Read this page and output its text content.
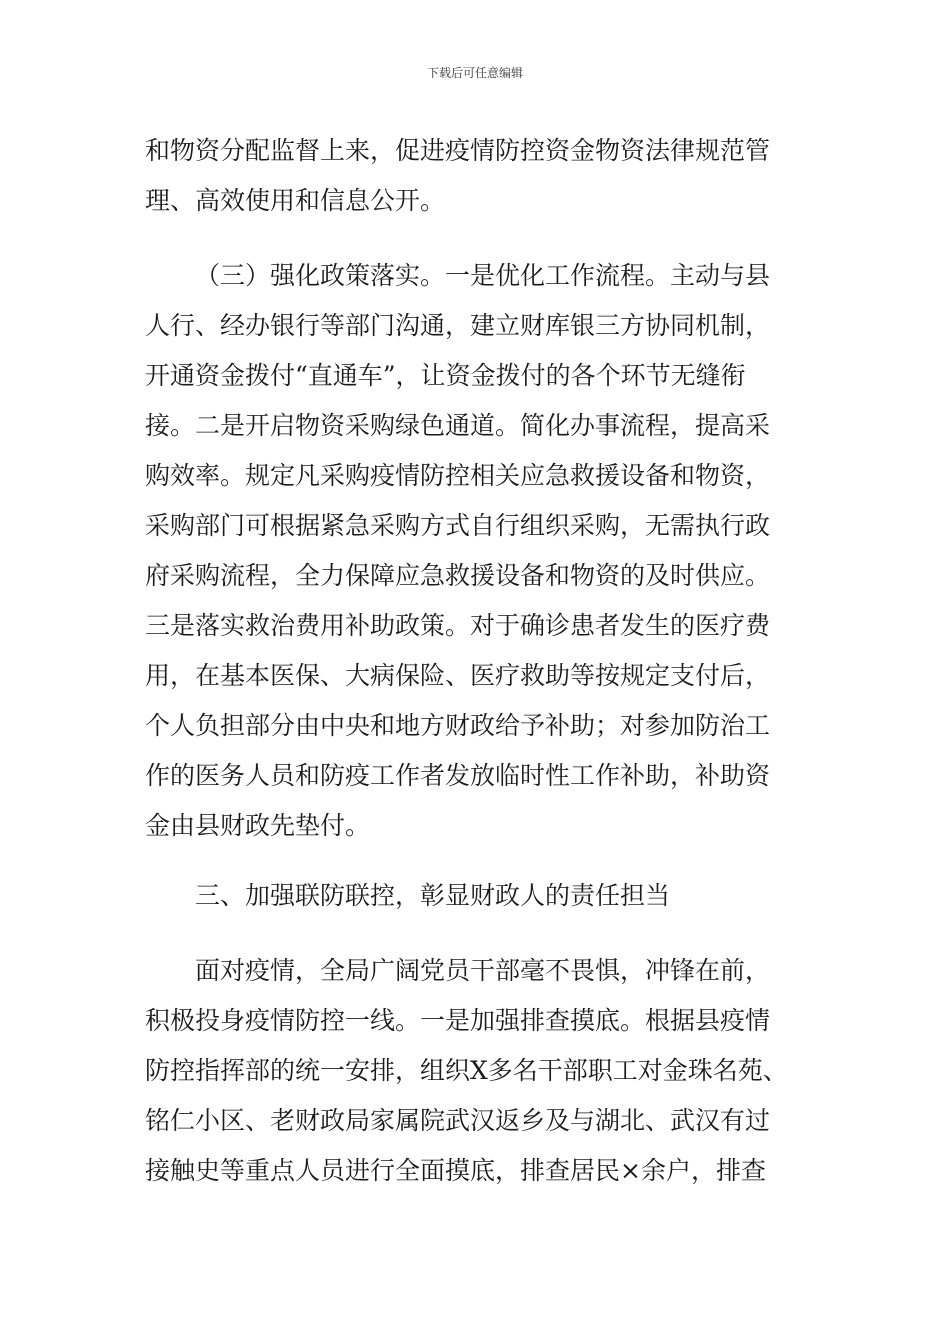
下载后可任意编辑
和物资分配监督上来，促进疫情防控资金物资法律规范管
理、高效使用和信息公开。
（三）强化政策落实。一是优化工作流程。主动与县
人行、经办银行等部门沟通，建立财库银三方协同机制，
开通资金拨付“直通车”，让资金拨付的各个环节无缝衔
接。二是开启物资采购绿色通道。简化办事流程，提高采
购效率。规定凡采购疫情防控相关应急救援设备和物资，
采购部门可根据紧急采购方式自行组织采购，无需执行政
府采购流程，全力保障应急救援设备和物资的及时供应。
三是落实救治费用补助政策。对于确诊患者发生的医疗费
用，在基本医保、大病保险、医疗救助等按规定支付后，
个人负担部分由中央和地方财政给予补助；对参加防治工
作的医务人员和防疫工作者发放临时性工作补助，补助资
金由县财政先垫付。
三、加强联防联控，彰显财政人的责任担当
面对疫情，全局广阔党员干部毫不畏惧，冲锋在前，
积极投身疫情防控一线。一是加强排查摸底。根据县疫情
防控指挥部的统一安排，组织X多名干部职工对金珠名苑、
铭仁小区、老财政局家属院武汉返乡及与湖北、武汉有过
接触史等重点人员进行全面摸底，排查居民×余户，排查
